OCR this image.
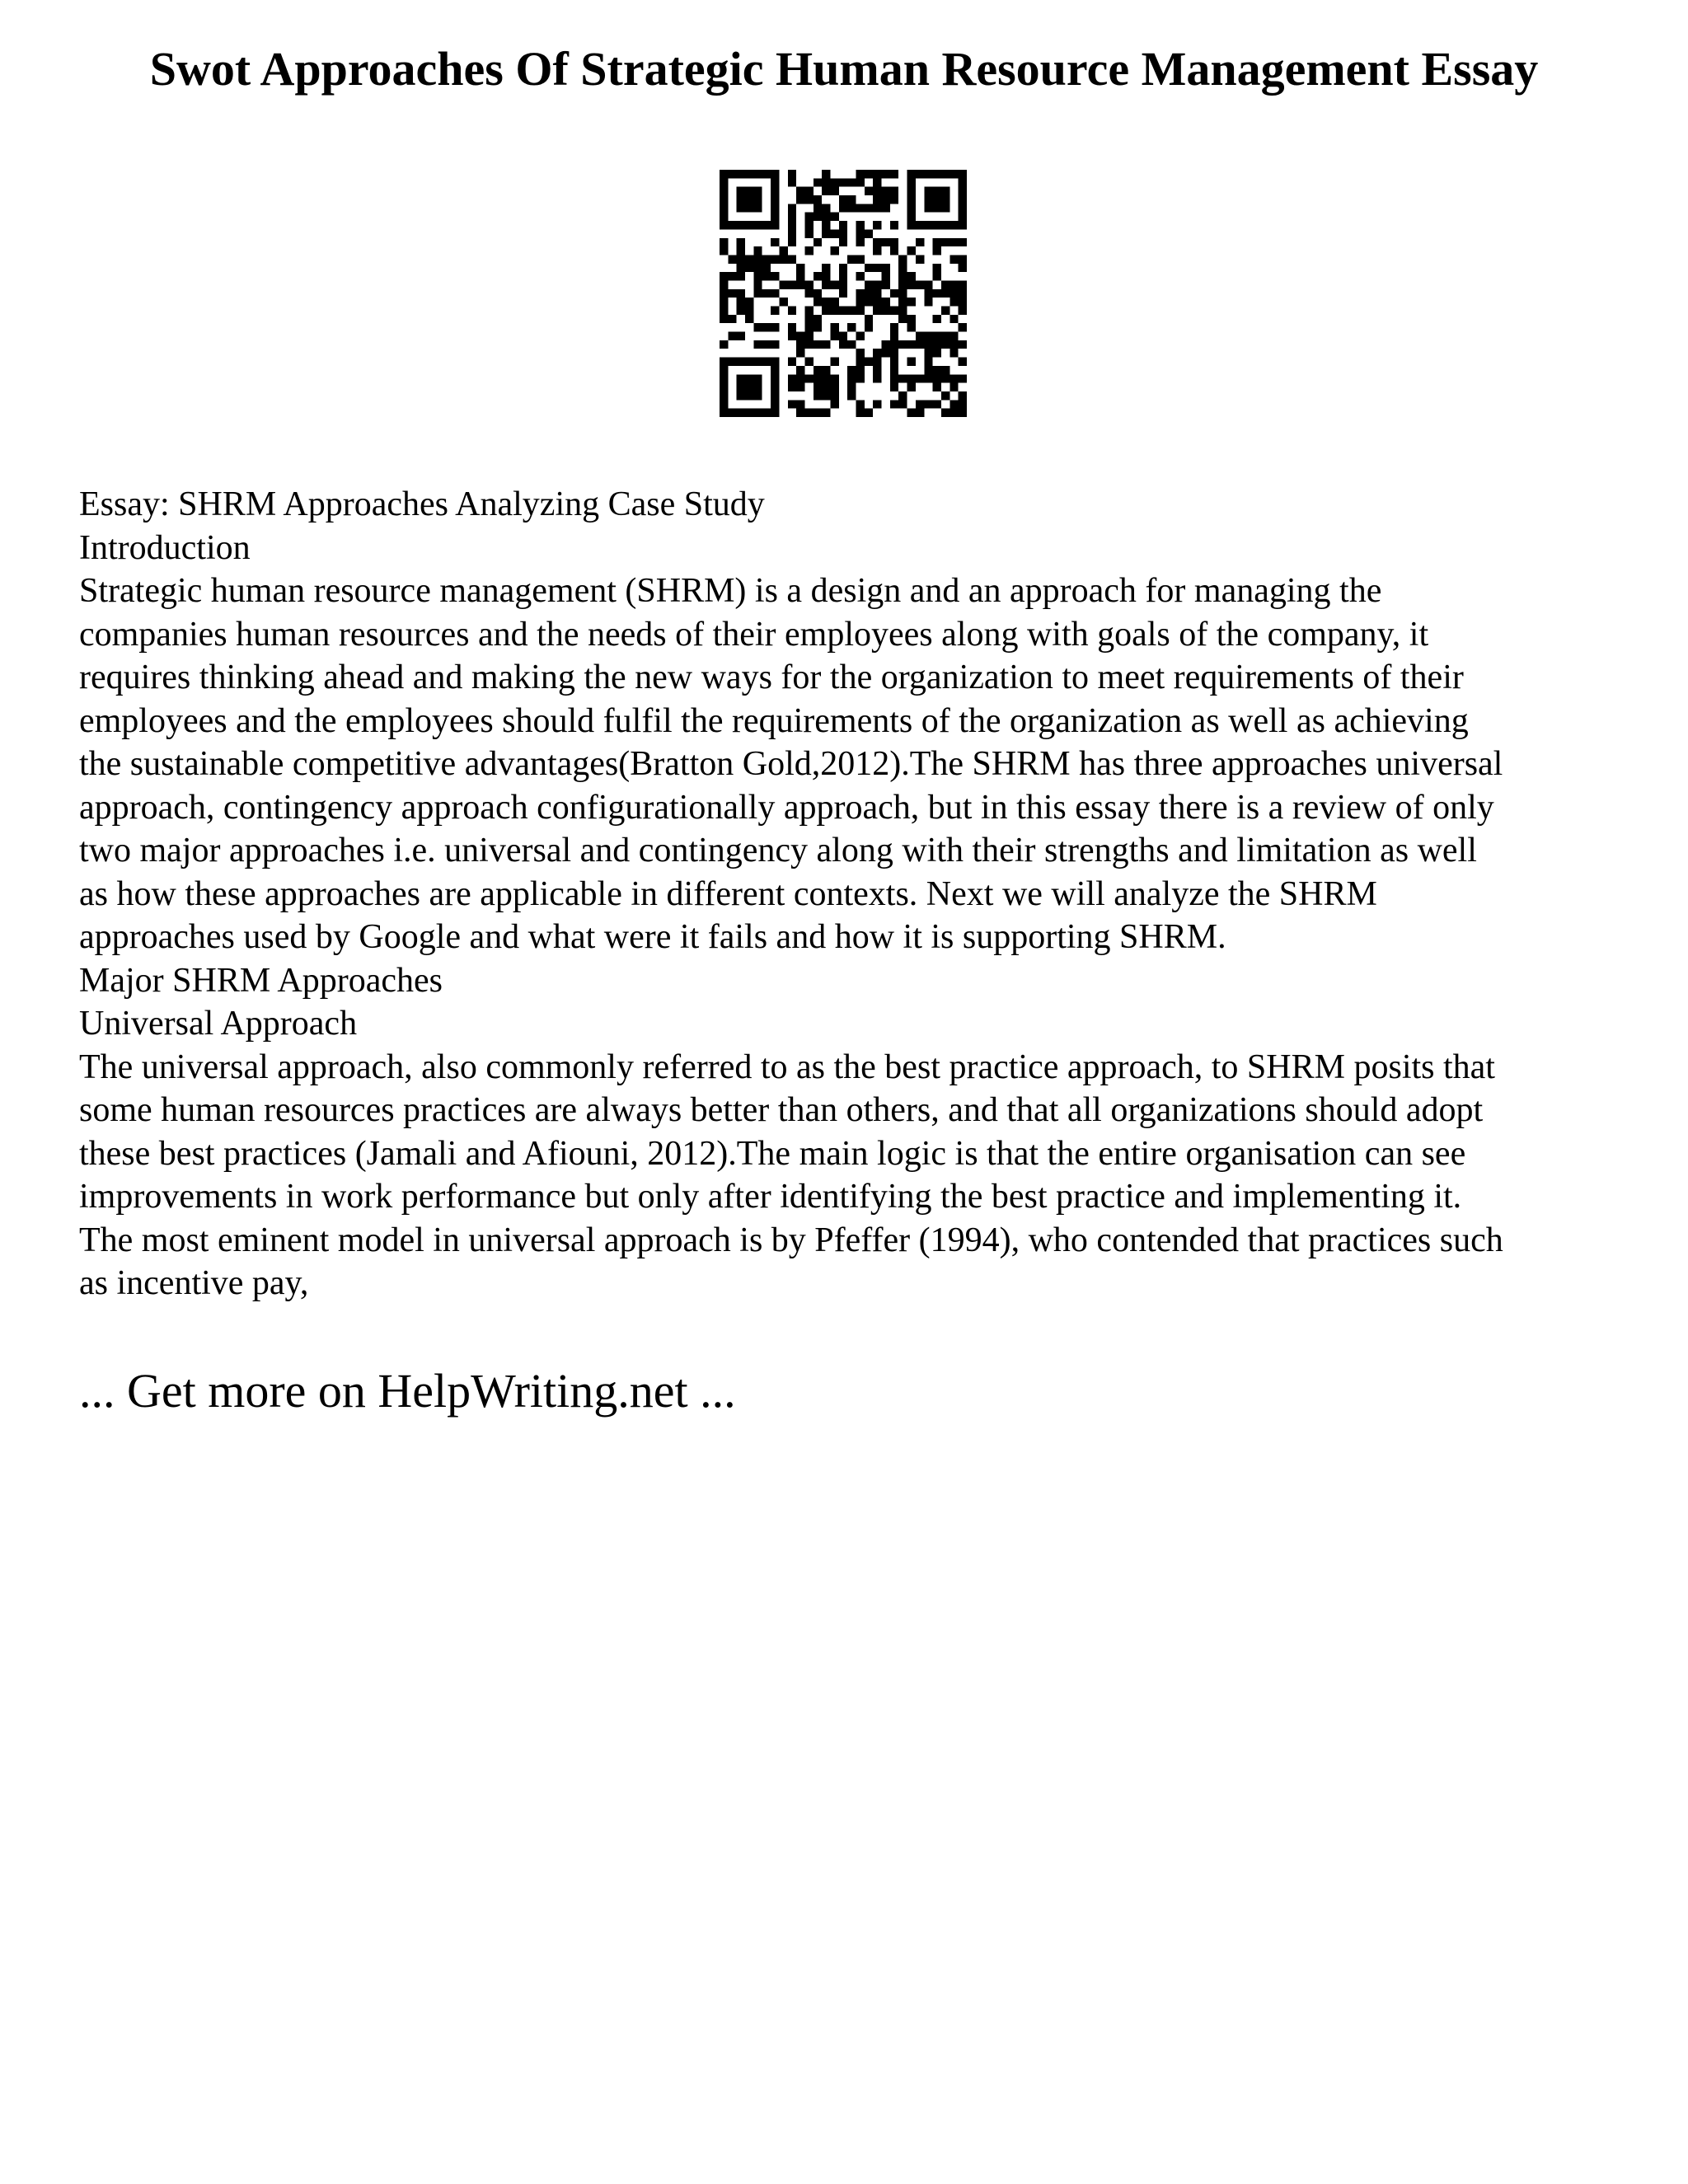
Swot Approaches Of Strategic Human Resource Management Essay
Essay: SHRM Approaches Analyzing Case Study
Introduction
Strategic human resource management (SHRM) is a design and an approach for managing the
companies human resources and the needs of their employees along with goals of the company, it
requires thinking ahead and making the new ways for the organization to meet requirements of their
employees and the employees should fulfil the requirements of the organization as well as achieving
the sustainable competitive advantages(Bratton Gold,2012).The SHRM has three approaches universal
approach, contingency approach configurationally approach, but in this essay there is a review of only
two major approaches i.e. universal and contingency along with their strengths and limitation as well
as how these approaches are applicable in different contexts. Next we will analyze the SHRM
approaches used by Google and what were it fails and how it is supporting SHRM.
Major SHRM Approaches
Universal Approach
The universal approach, also commonly referred to as the best practice approach, to SHRM posits that
some human resources practices are always better than others, and that all organizations should adopt
these best practices (Jamali and Afiouni, 2012).The main logic is that the entire organisation can see
improvements in work performance but only after identifying the best practice and implementing it.
The most eminent model in universal approach is by Pfeffer (1994), who contended that practices such
as incentive pay,
... Get more on HelpWriting.net ...
